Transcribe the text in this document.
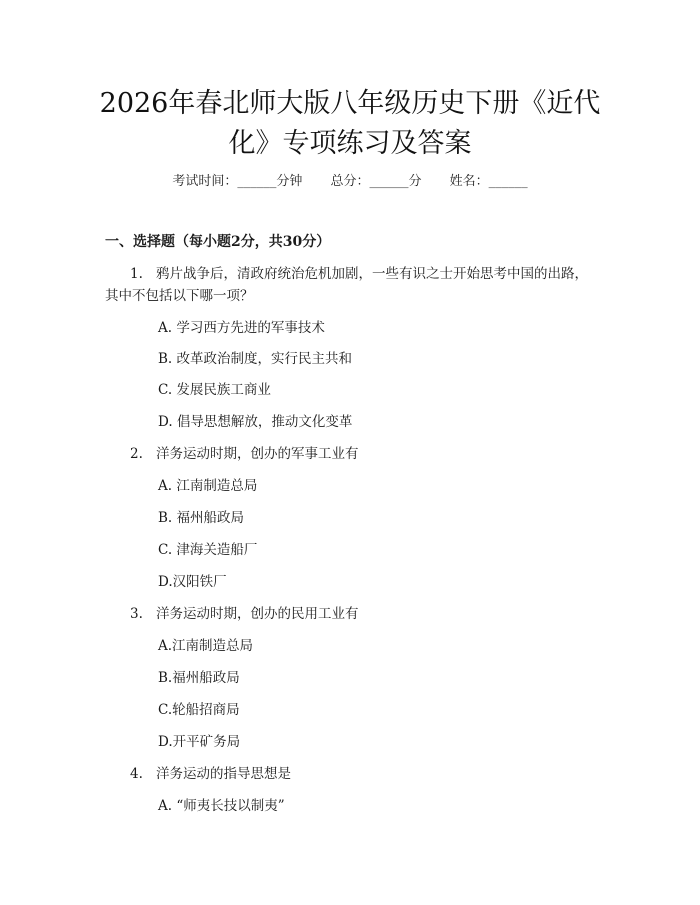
2026年春北师大版八年级历史下册《近代
化》专项练习及答案
考试时间：______分钟 总分：______分 姓名：______
一、选择题（每小题2分，共30分）
1. 鸦片战争后，清政府统治危机加剧，一些有识之士开始思考中国的出路，
其中不包括以下哪一项？
A. 学习西方先进的军事技术
B. 改革政治制度，实行民主共和
C. 发展民族工商业
D. 倡导思想解放，推动文化变革
2. 洋务运动时期，创办的军事工业有
A. 江南制造总局
B. 福州船政局
C. 津海关造船厂
D.汉阳铁厂
3. 洋务运动时期，创办的民用工业有
A.江南制造总局
B.福州船政局
C.轮船招商局
D.开平矿务局
4. 洋务运动的指导思想是
A. “师夷长技以制夷”
